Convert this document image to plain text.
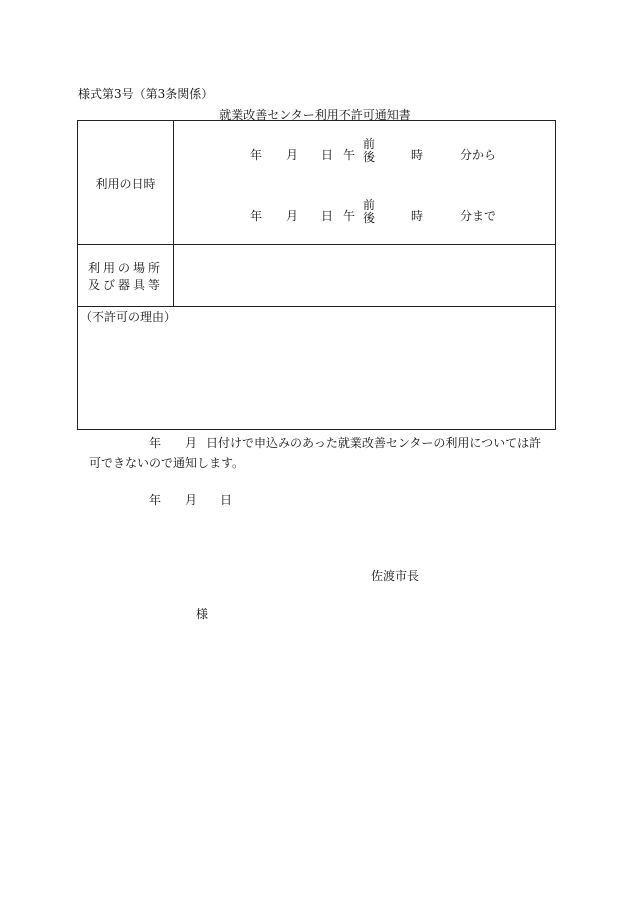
様式第3号（第3条関係）
就業改善センター利用不許可通知書
利用の日時
年 月 日 午
前
後	時	分から
年 月 日 午
前
後	時	分まで
利用の場所
及び器具等
（不許可の理由）
年 月 日付けで申込みのあった就業改善センターの利用については許
可できないので通知します。
年 月 日
佐渡市長
様
